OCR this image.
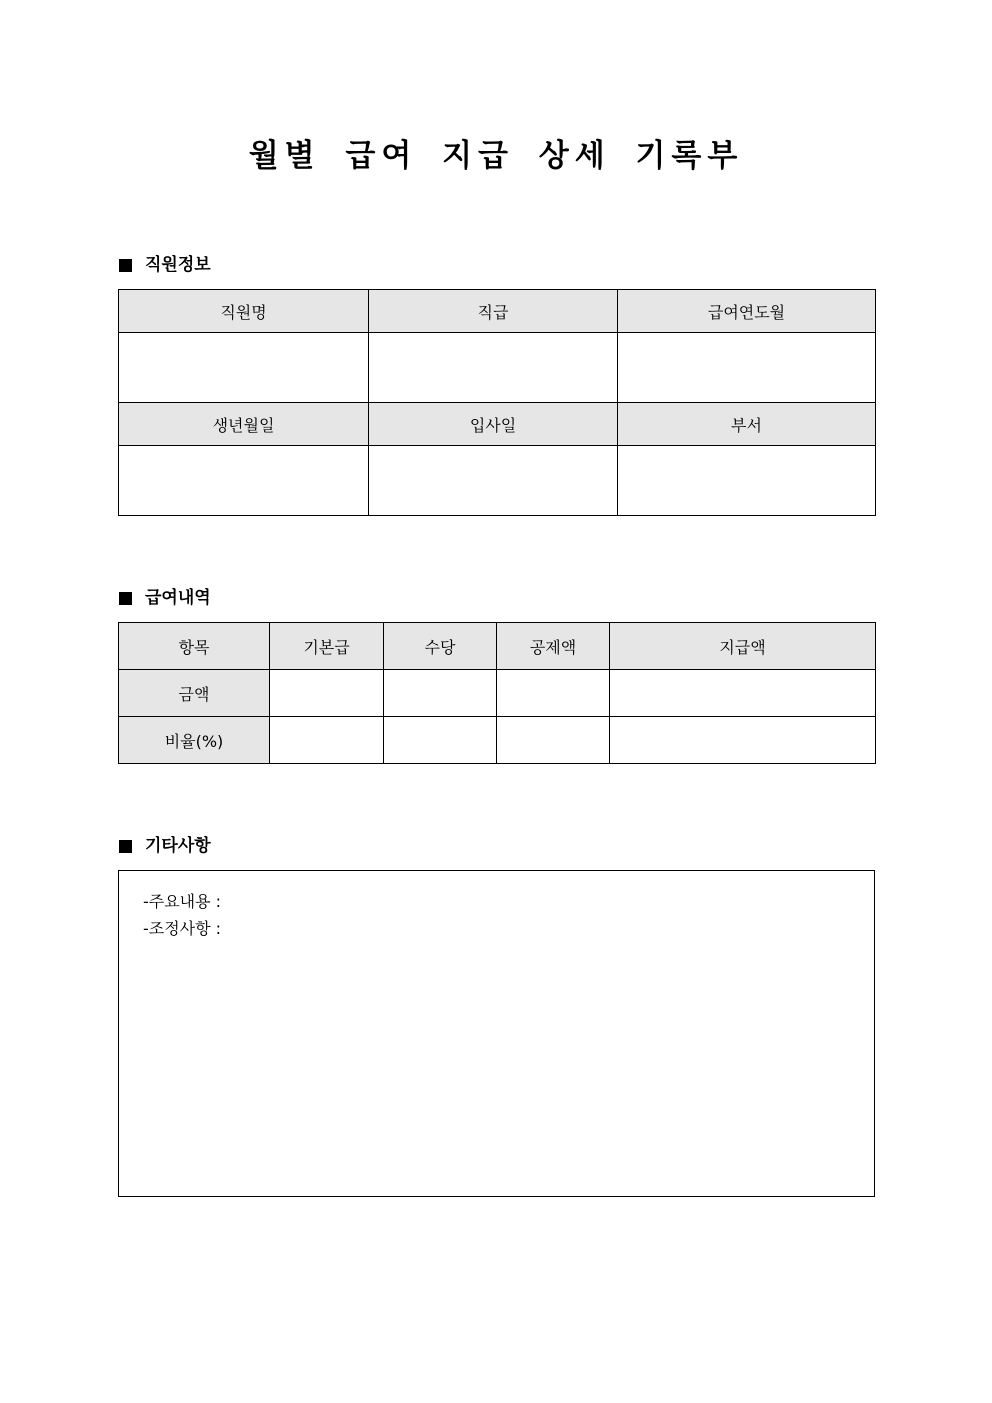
월별 급여 지급 상세 기록부
직원정보
직원명	직급	급여연도월

생년월일	입사일	부서

급여내역
항목	기본급	수당	공제액	지급액
금액				
비율(%)				
기타사항
-주요내용 :
-조정사항 :
